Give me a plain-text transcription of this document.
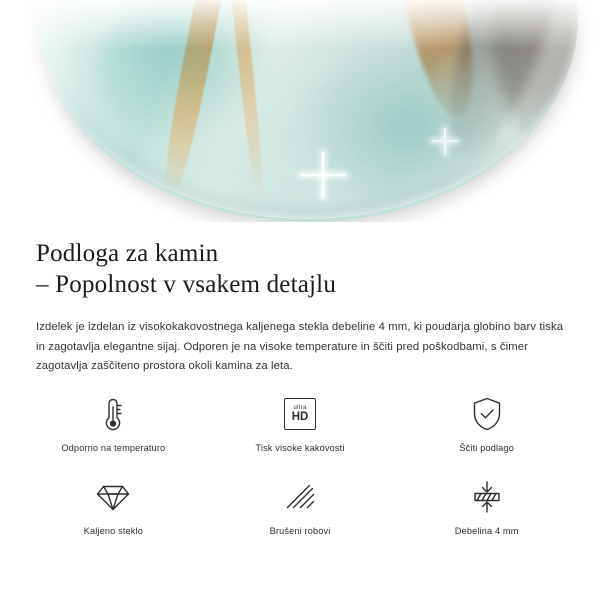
Podloga za kamin
– Popolnost v vsakem detajlu

Izdelek je izdelan iz visokokakovostnega kaljenega stekla debeline 4 mm, ki poudarja globino barv tiska in zagotavlja elegantne sijaj. Odporen je na visoke temperature in ščiti pred poškodbami, s čimer zagotavlja zaščiteno prostora okoli kamina za leta.

Odporno na temperaturo
ultra
HD
Tisk visoke kakovosti	Ščiti podlago
Kaljeno steklo	Brušeni robovi	Debelina 4 mm
